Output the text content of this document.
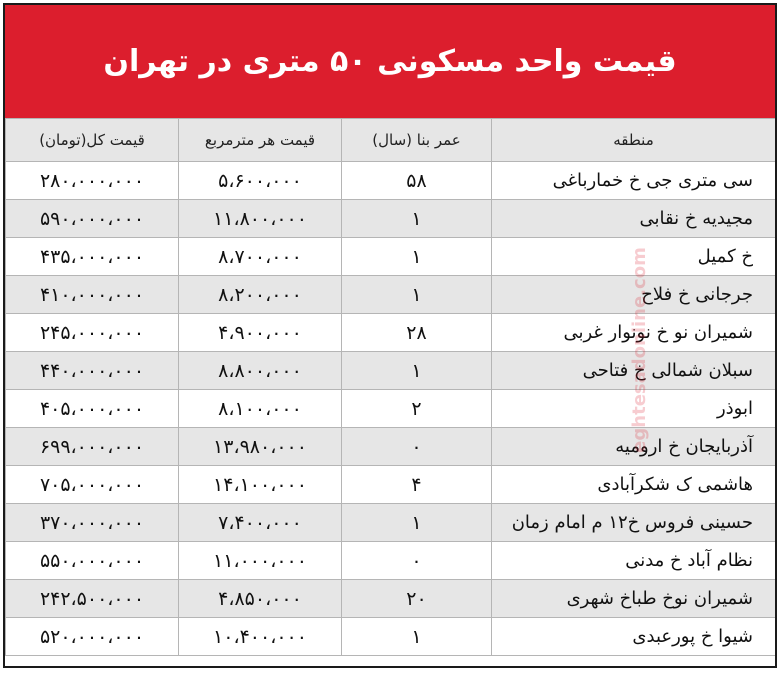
قیمت واحد مسکونی ۵۰ متری در تهران
منطقه	عمر بنا (سال)	قیمت هر مترمربع	قیمت کل(تومان)
سی متری جی خ خمارباغی	۵۸	۵،۶۰۰،۰۰۰	۲۸۰،۰۰۰،۰۰۰
مجیدیه خ نقابی	۱	۱۱،۸۰۰،۰۰۰	۵۹۰،۰۰۰،۰۰۰
خ کمیل	۱	۸،۷۰۰،۰۰۰	۴۳۵،۰۰۰،۰۰۰
جرجانی خ فلاح	۱	۸،۲۰۰،۰۰۰	۴۱۰،۰۰۰،۰۰۰
شمیران نو خ نونوار غربی	۲۸	۴،۹۰۰،۰۰۰	۲۴۵،۰۰۰،۰۰۰
سبلان شمالی خ فتاحی	۱	۸،۸۰۰،۰۰۰	۴۴۰،۰۰۰،۰۰۰
ابوذر	۲	۸،۱۰۰،۰۰۰	۴۰۵،۰۰۰،۰۰۰
آذربایجان خ ارومیه	۰	۱۳،۹۸۰،۰۰۰	۶۹۹،۰۰۰،۰۰۰
هاشمی ک شکرآبادی	۴	۱۴،۱۰۰،۰۰۰	۷۰۵،۰۰۰،۰۰۰
حسینی فروس خ۱۲ م امام زمان	۱	۷،۴۰۰،۰۰۰	۳۷۰،۰۰۰،۰۰۰
نظام آباد خ مدنی	۰	۱۱،۰۰۰،۰۰۰	۵۵۰،۰۰۰،۰۰۰
شمیران نوخ طباخ شهری	۲۰	۴،۸۵۰،۰۰۰	۲۴۲،۵۰۰،۰۰۰
شیوا خ پورعبدی	۱	۱۰،۴۰۰،۰۰۰	۵۲۰،۰۰۰،۰۰۰
eghtesadonline.com
